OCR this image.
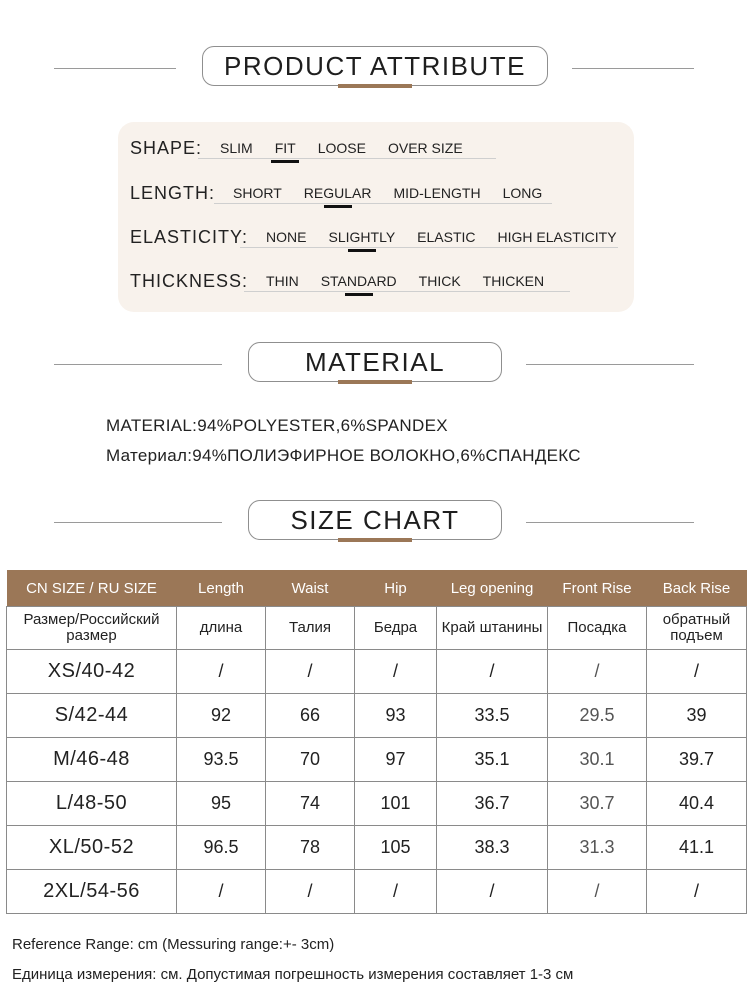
PRODUCT ATTRIBUTE
SHAPE: SLIM FIT LOOSE OVER SIZE
LENGTH: SHORT REGULAR MID-LENGTH LONG
ELASTICITY: NONE SLIGHTLY ELASTIC HIGH ELASTICITY
THICKNESS: THIN STANDARD THICK THICKEN
MATERIAL
MATERIAL:94%POLYESTER,6%SPANDEX
Материал:94%ПОЛИЭФИРНОЕ ВОЛОКНО,6%СПАНДЕКС
SIZE CHART
CN SIZE / RU SIZE	Length	Waist	Hip	Leg opening	Front Rise	Back Rise
Размер/Российский размер	длина	Талия	Бедра	Край штанины	Посадка	обратный подъем
XS/40-42	/	/	/	/	/	/
S/42-44	92	66	93	33.5	29.5	39
M/46-48	93.5	70	97	35.1	30.1	39.7
L/48-50	95	74	101	36.7	30.7	40.4
XL/50-52	96.5	78	105	38.3	31.3	41.1
2XL/54-56	/	/	/	/	/	/
Reference Range: cm (Messuring range:+- 3cm)
Единица измерения: см. Допустимая погрешность измерения составляет 1-3 см
